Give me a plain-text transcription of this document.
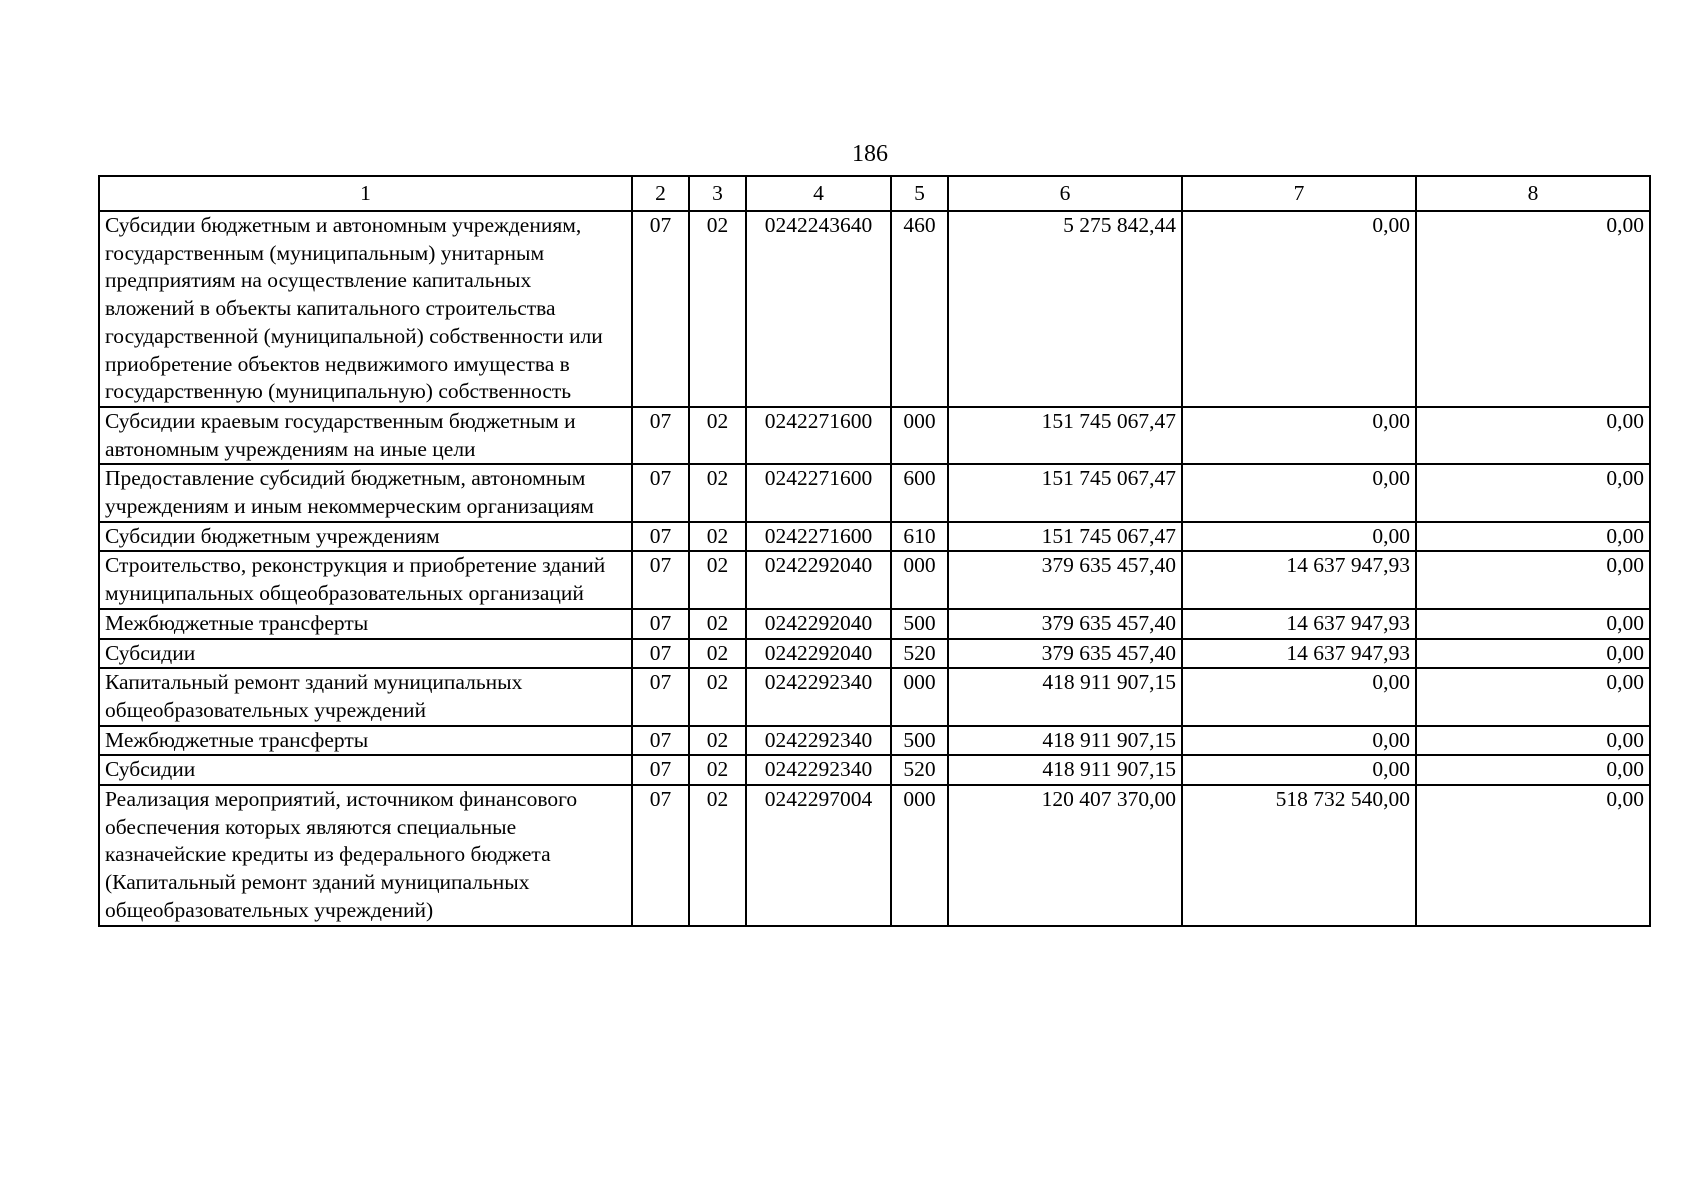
186
1	2	3	4	5	6	7	8
Субсидии бюджетным и автономным учреждениям, государственным (муниципальным) унитарным предприятиям на осуществление капитальных вложений в объекты капитального строительства государственной (муниципальной) собственности или приобретение объектов недвижимого имущества в государственную (муниципальную) собственность	07	02	0242243640	460	5 275 842,44	0,00	0,00
Субсидии краевым государственным бюджетным и автономным учреждениям на иные цели	07	02	0242271600	000	151 745 067,47	0,00	0,00
Предоставление субсидий бюджетным, автономным учреждениям и иным некоммерческим организациям	07	02	0242271600	600	151 745 067,47	0,00	0,00
Субсидии бюджетным учреждениям	07	02	0242271600	610	151 745 067,47	0,00	0,00
Строительство, реконструкция и приобретение зданий муниципальных общеобразовательных организаций	07	02	0242292040	000	379 635 457,40	14 637 947,93	0,00
Межбюджетные трансферты	07	02	0242292040	500	379 635 457,40	14 637 947,93	0,00
Субсидии	07	02	0242292040	520	379 635 457,40	14 637 947,93	0,00
Капитальный ремонт зданий муниципальных общеобразовательных учреждений	07	02	0242292340	000	418 911 907,15	0,00	0,00
Межбюджетные трансферты	07	02	0242292340	500	418 911 907,15	0,00	0,00
Субсидии	07	02	0242292340	520	418 911 907,15	0,00	0,00
Реализация мероприятий, источником финансового обеспечения которых являются специальные казначейские кредиты из федерального бюджета (Капитальный ремонт зданий муниципальных общеобразовательных учреждений)	07	02	0242297004	000	120 407 370,00	518 732 540,00	0,00
